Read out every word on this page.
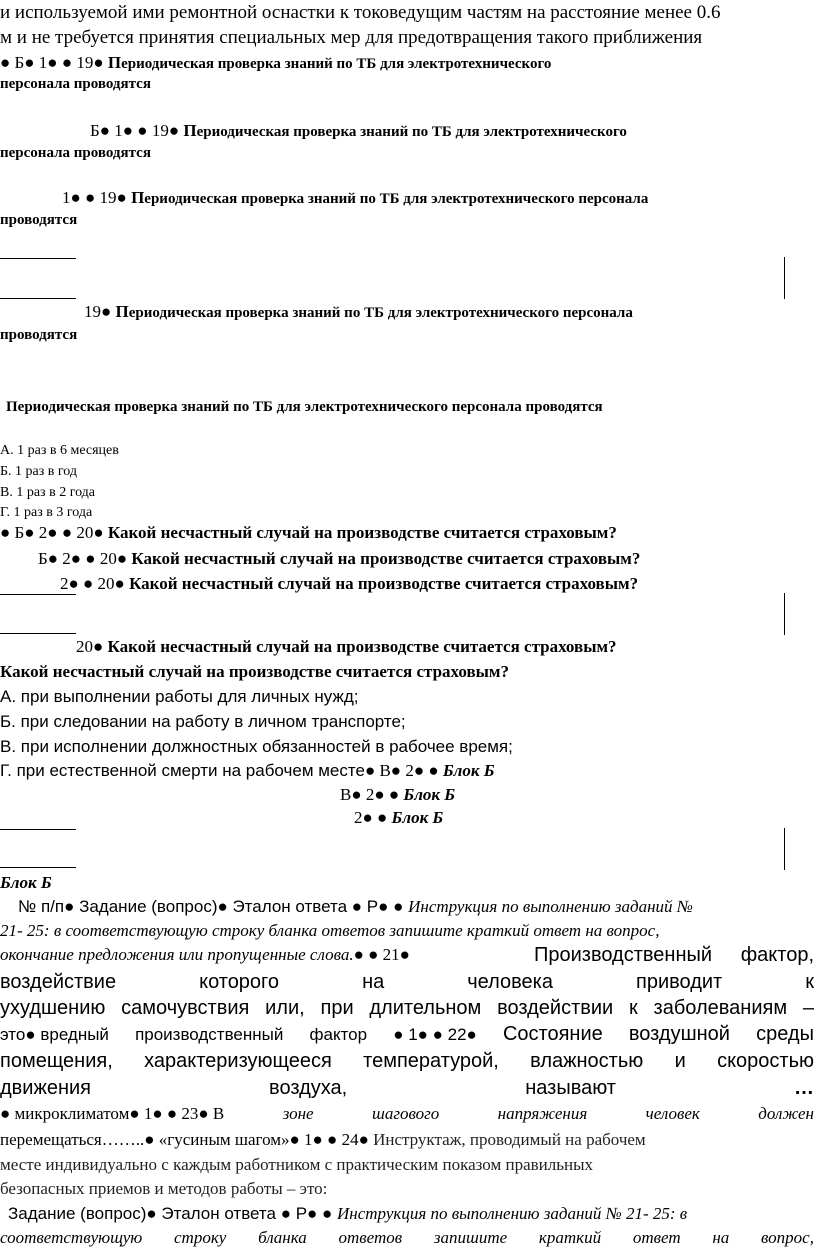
и используемой ими ремонтной оснастки к токоведущим частям на расстояние менее 0.6
м и не требуется принятия специальных мер для предотвращения такого приближения
● Б● 1● ● 19● Периодическая проверка знаний по ТБ для электротехнического
персонала проводятся
Б● 1● ● 19● Периодическая проверка знаний по ТБ для электротехнического
персонала проводятся
1● ● 19● Периодическая проверка знаний по ТБ для электротехнического персонала
проводятся
19● Периодическая проверка знаний по ТБ для электротехнического персонала
проводятся
Периодическая проверка знаний по ТБ для электротехнического персонала проводятся
А. 1 раз в 6 месяцев
Б. 1 раз в год
В. 1 раз в 2 года
Г. 1 раз в 3 года
● Б● 2● ● 20● Какой несчастный случай на производстве считается страховым?
Б● 2● ● 20● Какой несчастный случай на производстве считается страховым?
2● ● 20● Какой несчастный случай на производстве считается страховым?
20● Какой несчастный случай на производстве считается страховым?
Какой несчастный случай на производстве считается страховым?
А. при выполнении работы для личных нужд;
Б. при следовании на работу в личном транспорте;
В. при исполнении должностных обязанностей в рабочее время;
Г. при естественной смерти на рабочем месте● В● 2● ● Блок Б
В● 2● ● Блок Б
2● ● Блок Б
Блок Б
№ п/п● Задание (вопрос)● Эталон ответа ● Р● ● Инструкция по выполнению заданий №
21- 25: в соответствующую строку бланка ответов запишите краткий ответ на вопрос,
окончание предложения или пропущенные слова.● ● 21●	Производственный фактор,
воздействие	которого	на	человека	приводит	к
ухудшению самочувствия или, при длительном воздействии к заболеваниям –
это● вредный производственный фактор ● 1● ● 22● Состояние воздушной среды
помещения, характеризующееся температурой, влажностью и скоростью
движения	воздуха,	называют	…
● микроклиматом● 1● ● 23● В	зоне	шагового	напряжения	человек	должен
перемещаться……..● «гусиным шагом»● 1● ● 24● Инструктаж, проводимый на рабочем
месте индивидуально с каждым работником с практическим показом правильных
безопасных приемов и методов работы – это:
Задание (вопрос)● Эталон ответа ● Р● ● Инструкция по выполнению заданий № 21- 25: в
соответствующую строку бланка ответов запишите краткий ответ на вопрос,
